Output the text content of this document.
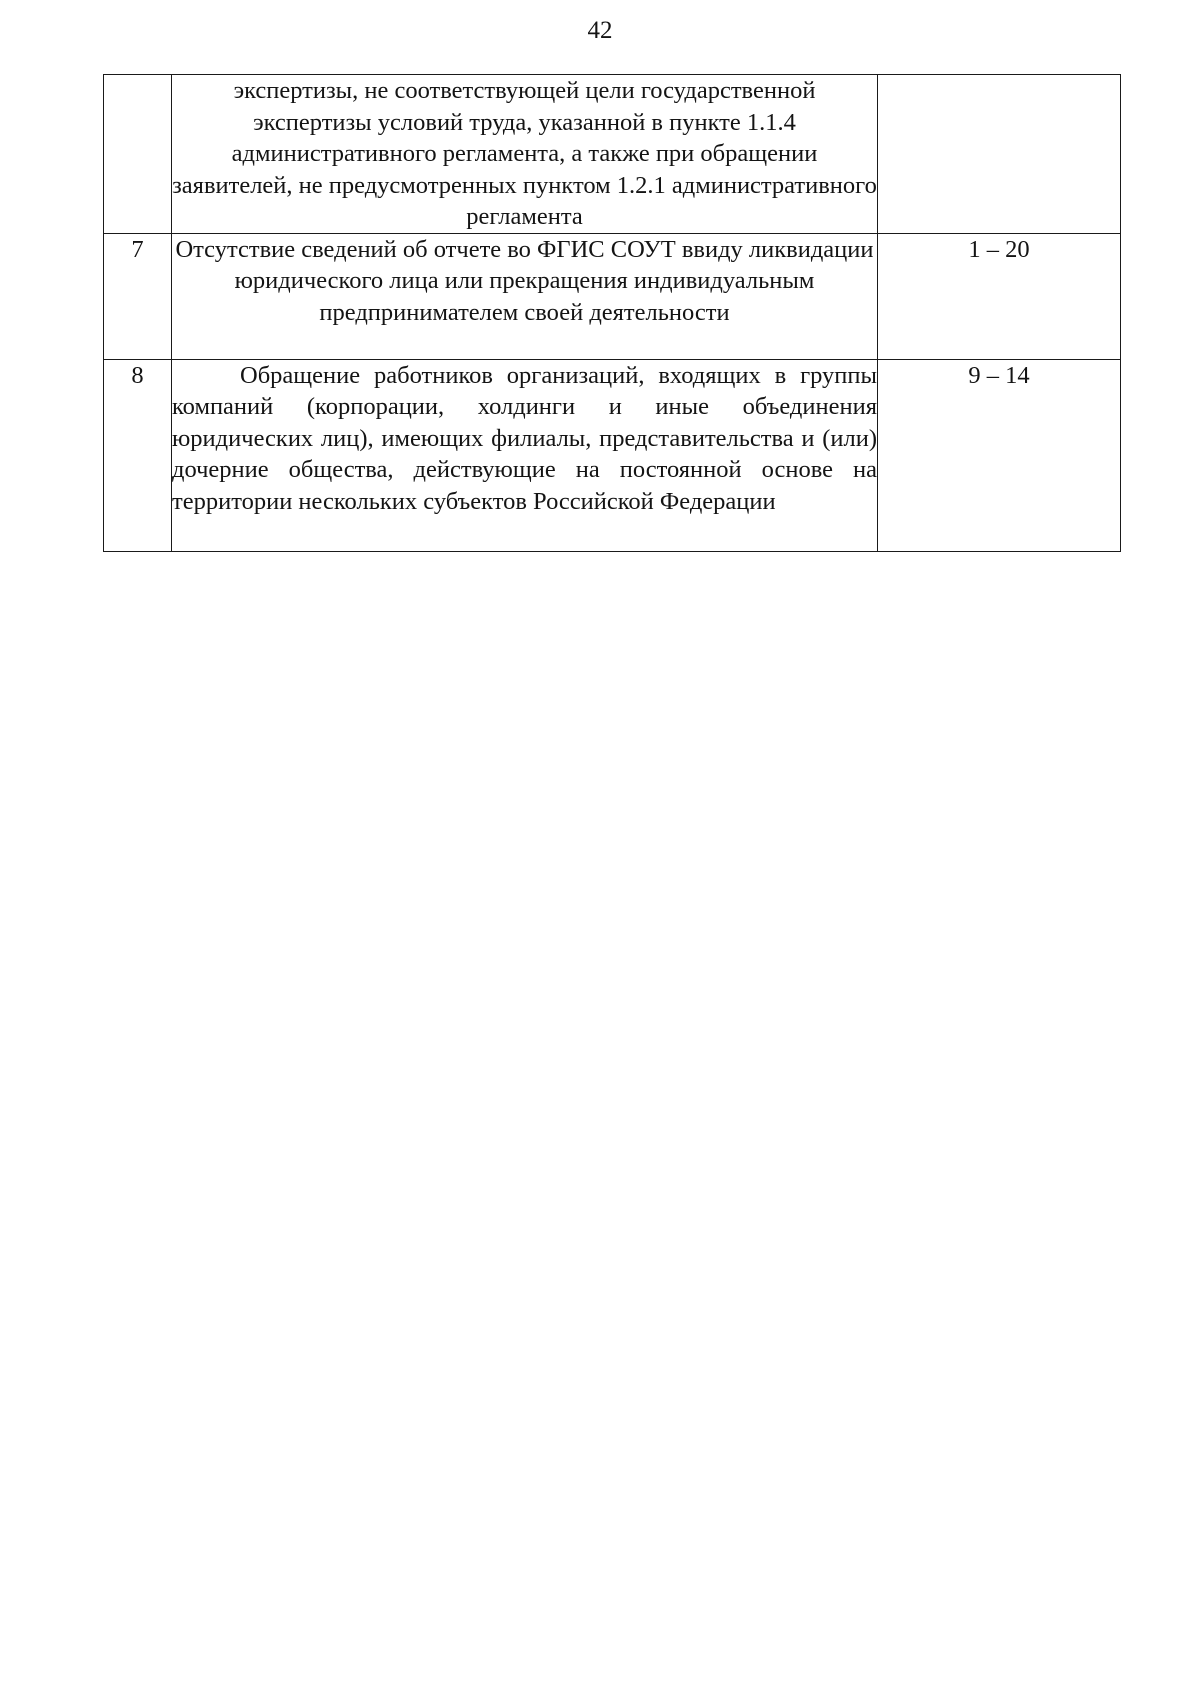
42
	экспертизы, не соответствующей цели государственной экспертизы условий труда, указанной в пункте 1.1.4 административного регламента, а также при обращении заявителей, не предусмотренных пунктом 1.2.1 административного регламента	
7	Отсутствие сведений об отчете во ФГИС СОУТ ввиду ликвидации юридического лица или прекращения индивидуальным предпринимателем своей деятельности	1 – 20
8	Обращение работников организаций, входящих в группы компаний (корпорации, холдинги и иные объединения юридических лиц), имеющих филиалы, представительства и (или) дочерние общества, действующие на постоянной основе на территории нескольких субъектов Российской Федерации	9 – 14
